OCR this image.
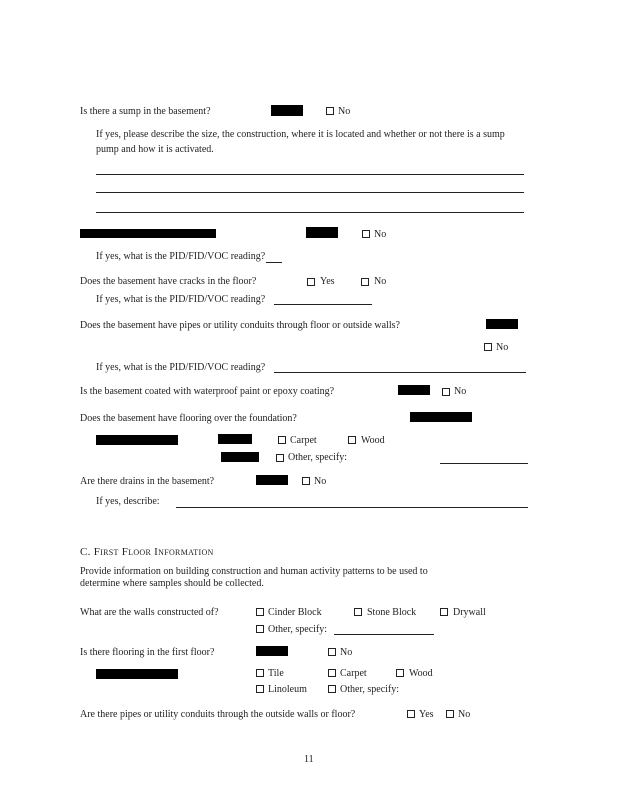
Is there a sump in the basement?	No
If yes, please describe the size, the construction, where it is located and whether or not there is a sump pump and how it is activated.
No
If yes, what is the PID/FID/VOC reading?
Does the basement have cracks in the floor?	Yes	No
If yes, what is the PID/FID/VOC reading?
Does the basement have pipes or utility conduits through floor or outside walls?
No
If yes, what is the PID/FID/VOC reading?
Is the basement coated with waterproof paint or epoxy coating?	No
Does the basement have flooring over the foundation?
Carpet	Wood
Other, specify:
Are there drains in the basement?	No
If yes, describe:
C. First Floor Information
Provide information on building construction and human activity patterns to be used to
determine where samples should be collected.
What are the walls constructed of?	Cinder Block	Stone Block	Drywall
Other, specify:
Is there flooring in the first floor?	No
Tile	Carpet	Wood
Linoleum	Other, specify:
Are there pipes or utility conduits through the outside walls or floor?	Yes No
11
